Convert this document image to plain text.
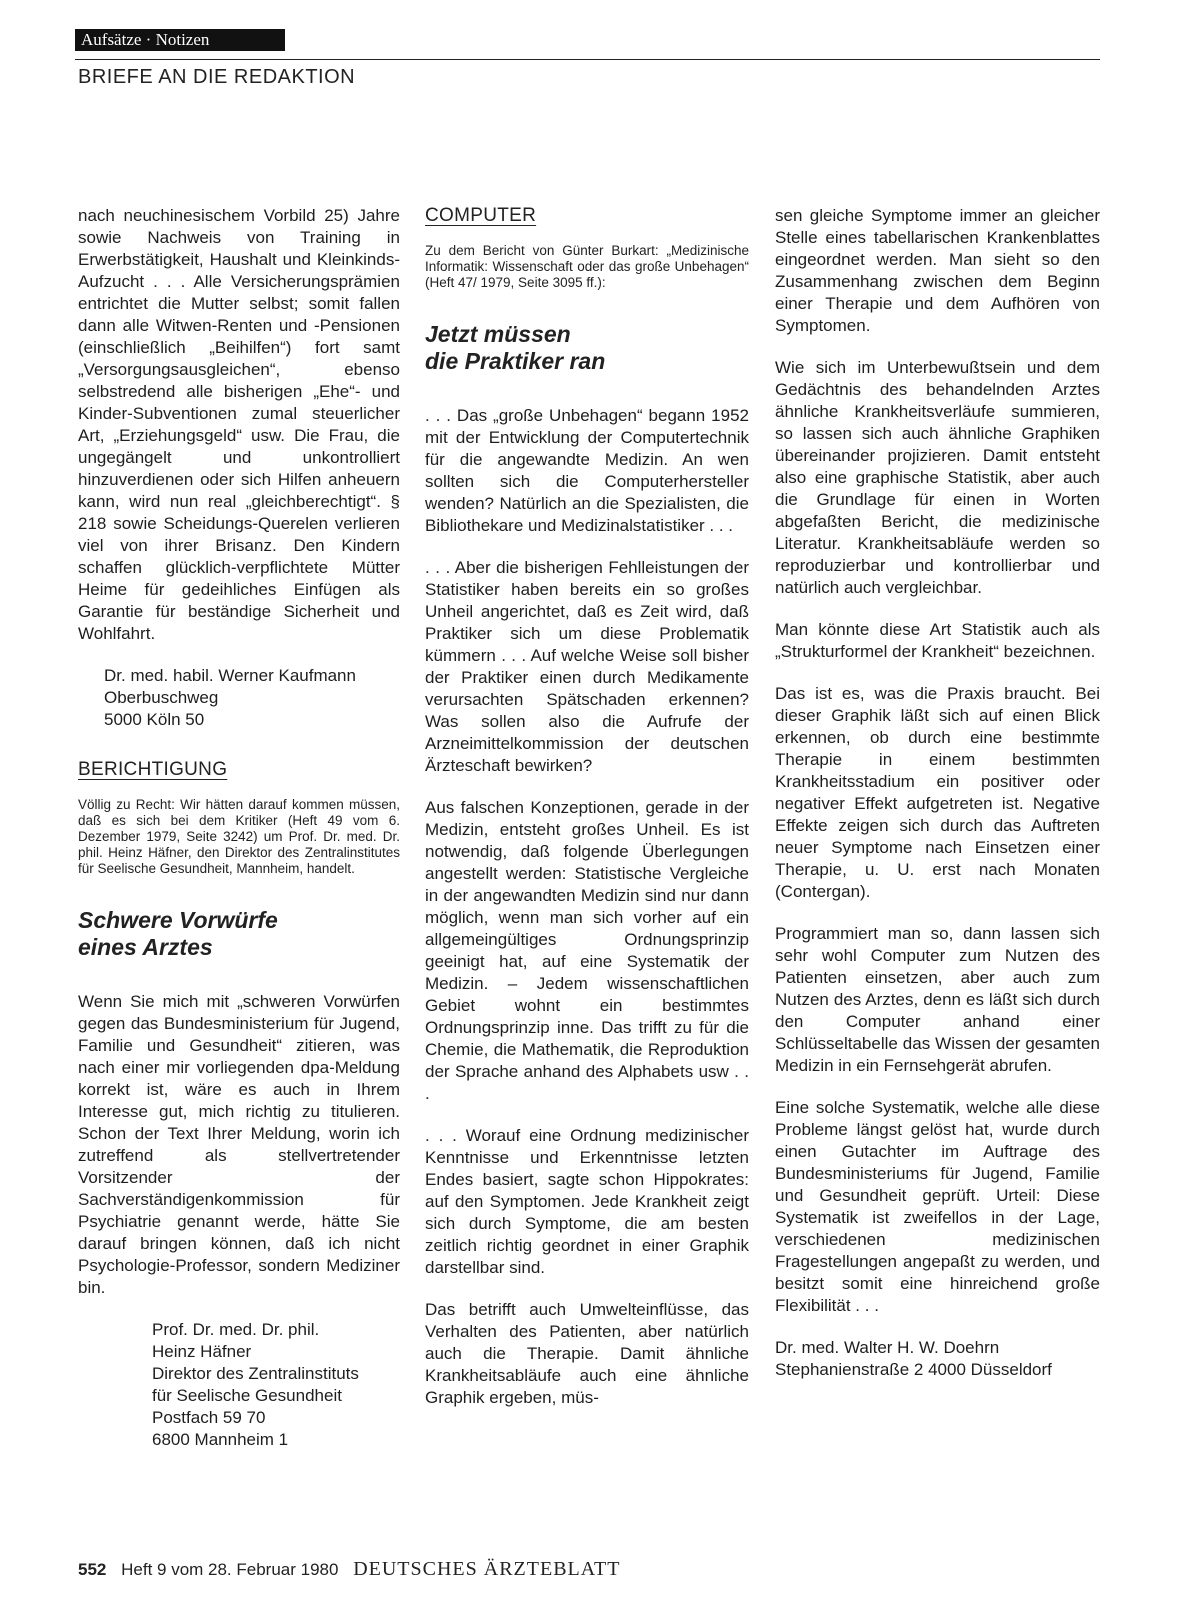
Aufsätze · Notizen
BRIEFE AN DIE REDAKTION

nach neuchinesischem Vorbild 25) Jahre sowie Nachweis von Training in Erwerbstätigkeit, Haushalt und Kleinkinds-Aufzucht . . . Alle Versicherungsprämien entrichtet die Mutter selbst; somit fallen dann alle Witwen-Renten und -Pensionen (einschließlich „Beihilfen“) fort samt „Versorgungsausgleichen“, ebenso selbstredend alle bisherigen „Ehe“- und Kinder-Subventionen zumal steuerlicher Art, „Erziehungsgeld“ usw. Die Frau, die ungegängelt und unkontrolliert hinzuverdienen oder sich Hilfen anheuern kann, wird nun real „gleichberechtigt“. § 218 sowie Scheidungs-Querelen verlieren viel von ihrer Brisanz. Den Kindern schaffen glücklich-verpflichtete Mütter Heime für gedeihliches Einfügen als Garantie für beständige Sicherheit und Wohlfahrt.

Dr. med. habil. Werner Kaufmann
Oberbuschweg
5000 Köln 50
BERICHTIGUNG
Völlig zu Recht: Wir hätten darauf kommen müssen, daß es sich bei dem Kritiker (Heft 49 vom 6. Dezember 1979, Seite 3242) um Prof. Dr. med. Dr. phil. Heinz Häfner, den Direktor des Zentralinstitutes für Seelische Gesundheit, Mannheim, handelt.
Schwere Vorwürfe
eines Arztes

Wenn Sie mich mit „schweren Vorwürfen gegen das Bundesministerium für Jugend, Familie und Gesundheit“ zitieren, was nach einer mir vorliegenden dpa-Meldung korrekt ist, wäre es auch in Ihrem Interesse gut, mich richtig zu titulieren. Schon der Text Ihrer Meldung, worin ich zutreffend als stellvertretender Vorsitzender der Sachverständigenkommission für Psychiatrie genannt werde, hätte Sie darauf bringen können, daß ich nicht Psychologie-Professor, sondern Mediziner bin.

Prof. Dr. med. Dr. phil.
Heinz Häfner
Direktor des Zentralinstituts
für Seelische Gesundheit
Postfach 59 70
6800 Mannheim 1
COMPUTER
Zu dem Bericht von Günter Burkart: „Medizinische Informatik: Wissenschaft oder das große Unbehagen“ (Heft 47/ 1979, Seite 3095 ff.):
Jetzt müssen
die Praktiker ran

. . . Das „große Unbehagen“ begann 1952 mit der Entwicklung der Computertechnik für die angewandte Medizin. An wen sollten sich die Computerhersteller wenden? Natürlich an die Spezialisten, die Bibliothekare und Medizinalstatistiker . . .

. . . Aber die bisherigen Fehlleistungen der Statistiker haben bereits ein so großes Unheil angerichtet, daß es Zeit wird, daß Praktiker sich um diese Problematik kümmern . . . Auf welche Weise soll bisher der Praktiker einen durch Medikamente verursachten Spätschaden erkennen? Was sollen also die Aufrufe der Arzneimittelkommission der deutschen Ärzteschaft bewirken?

Aus falschen Konzeptionen, gerade in der Medizin, entsteht großes Unheil. Es ist notwendig, daß folgende Überlegungen angestellt werden: Statistische Vergleiche in der angewandten Medizin sind nur dann möglich, wenn man sich vorher auf ein allgemeingültiges Ordnungsprinzip geeinigt hat, auf eine Systematik der Medizin. – Jedem wissenschaftlichen Gebiet wohnt ein bestimmtes Ordnungsprinzip inne. Das trifft zu für die Chemie, die Mathematik, die Reproduktion der Sprache anhand des Alphabets usw . . .

. . . Worauf eine Ordnung medizinischer Kenntnisse und Erkenntnisse letzten Endes basiert, sagte schon Hippokrates: auf den Symptomen. Jede Krankheit zeigt sich durch Symptome, die am besten zeitlich richtig geordnet in einer Graphik darstellbar sind.

Das betrifft auch Umwelteinflüsse, das Verhalten des Patienten, aber natürlich auch die Therapie. Damit ähnliche Krankheitsabläufe auch eine ähnliche Graphik ergeben, müs-

sen gleiche Symptome immer an gleicher Stelle eines tabellarischen Krankenblattes eingeordnet werden. Man sieht so den Zusammenhang zwischen dem Beginn einer Therapie und dem Aufhören von Symptomen.

Wie sich im Unterbewußtsein und dem Gedächtnis des behandelnden Arztes ähnliche Krankheitsverläufe summieren, so lassen sich auch ähnliche Graphiken übereinander projizieren. Damit entsteht also eine graphische Statistik, aber auch die Grundlage für einen in Worten abgefaßten Bericht, die medizinische Literatur. Krankheitsabläufe werden so reproduzierbar und kontrollierbar und natürlich auch vergleichbar.

Man könnte diese Art Statistik auch als „Strukturformel der Krankheit“ bezeichnen.

Das ist es, was die Praxis braucht. Bei dieser Graphik läßt sich auf einen Blick erkennen, ob durch eine bestimmte Therapie in einem bestimmten Krankheitsstadium ein positiver oder negativer Effekt aufgetreten ist. Negative Effekte zeigen sich durch das Auftreten neuer Symptome nach Einsetzen einer Therapie, u. U. erst nach Monaten (Contergan).

Programmiert man so, dann lassen sich sehr wohl Computer zum Nutzen des Patienten einsetzen, aber auch zum Nutzen des Arztes, denn es läßt sich durch den Computer anhand einer Schlüsseltabelle das Wissen der gesamten Medizin in ein Fernsehgerät abrufen.

Eine solche Systematik, welche alle diese Probleme längst gelöst hat, wurde durch einen Gutachter im Auftrage des Bundesministeriums für Jugend, Familie und Gesundheit geprüft. Urteil: Diese Systematik ist zweifellos in der Lage, verschiedenen medizinischen Fragestellungen angepaßt zu werden, und besitzt somit eine hinreichend große Flexibilität . . .

Dr. med. Walter H. W. Doehrn
Stephanienstraße 2 4000 Düsseldorf
552 Heft 9 vom 28. Februar 1980 DEUTSCHES ÄRZTEBLATT
